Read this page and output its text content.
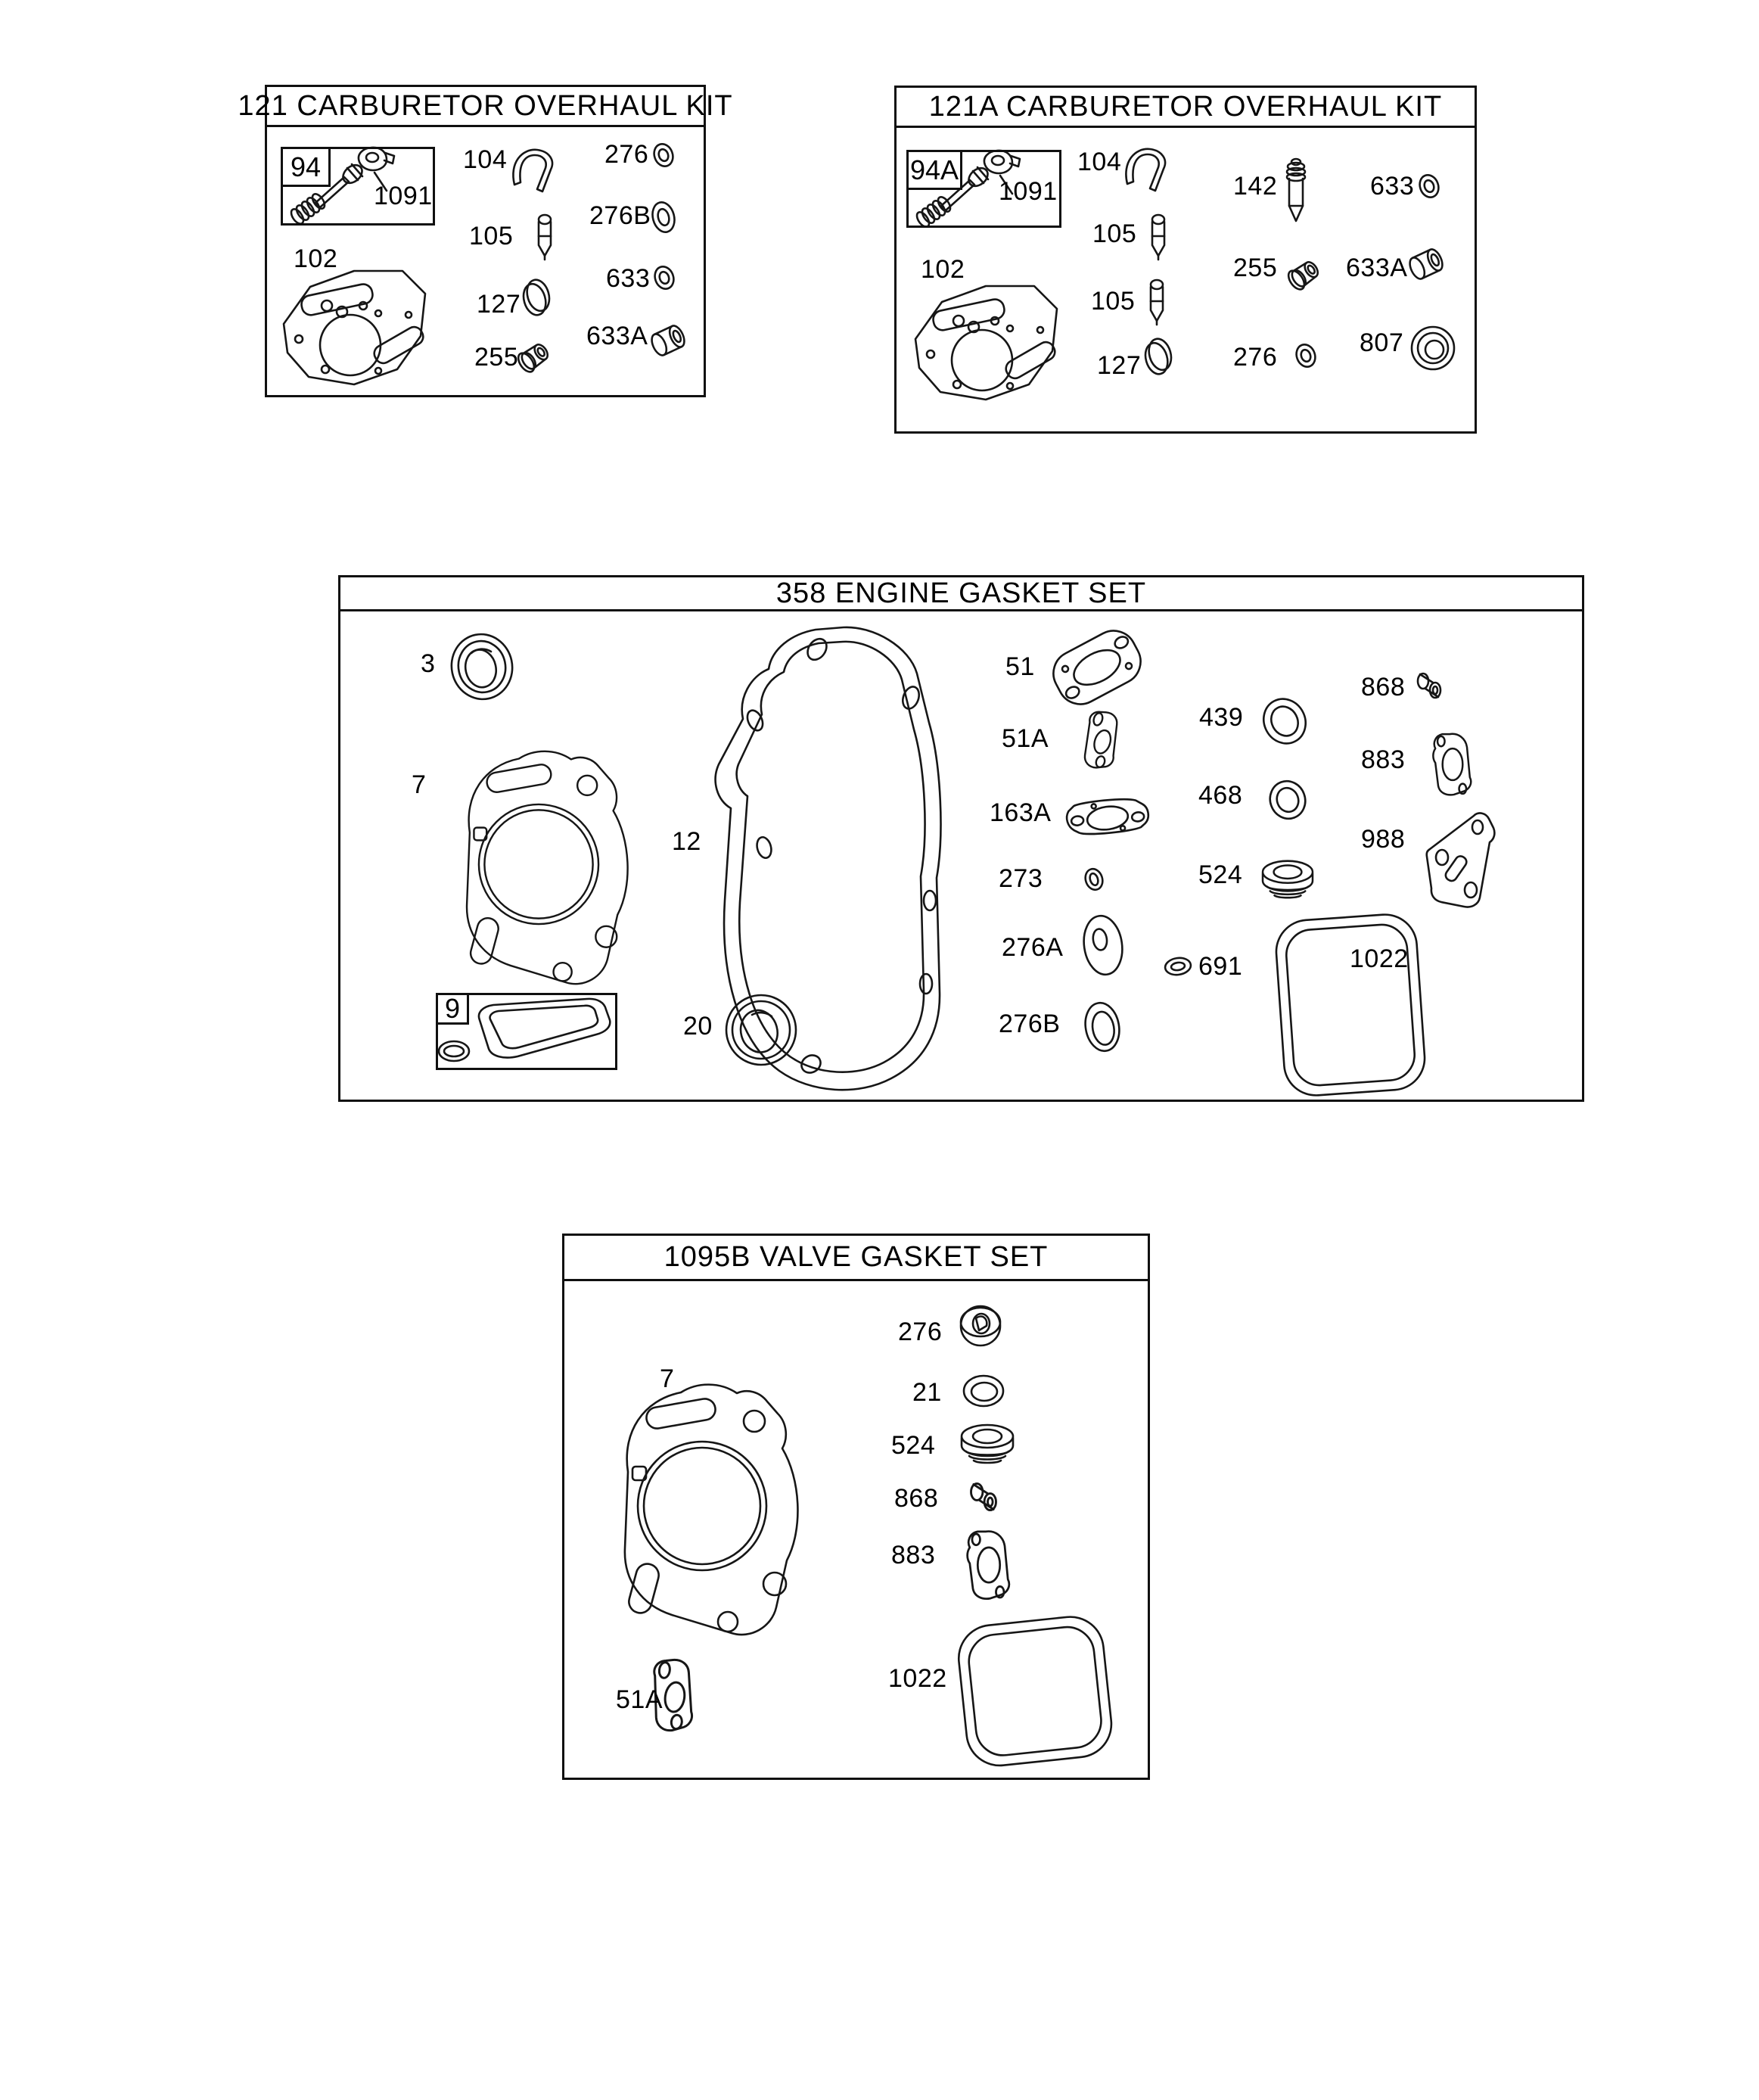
121 CARBURETOR OVERHAUL KIT	121A CARBURETOR OVERHAUL KIT
358 ENGINE GASKET SET
1095B VALVE GASKET SET
94	94A
9
1091
104
105
127
255
276
276B
633
633A
102
1091
104
105
105
127
102
142
255
276
633
633A
807
3
7
12
20
51
51A
163A
273
276A
276B
439
468
524
691
868
883
988
1022
7
276
21
524
868
883
51A
1022
